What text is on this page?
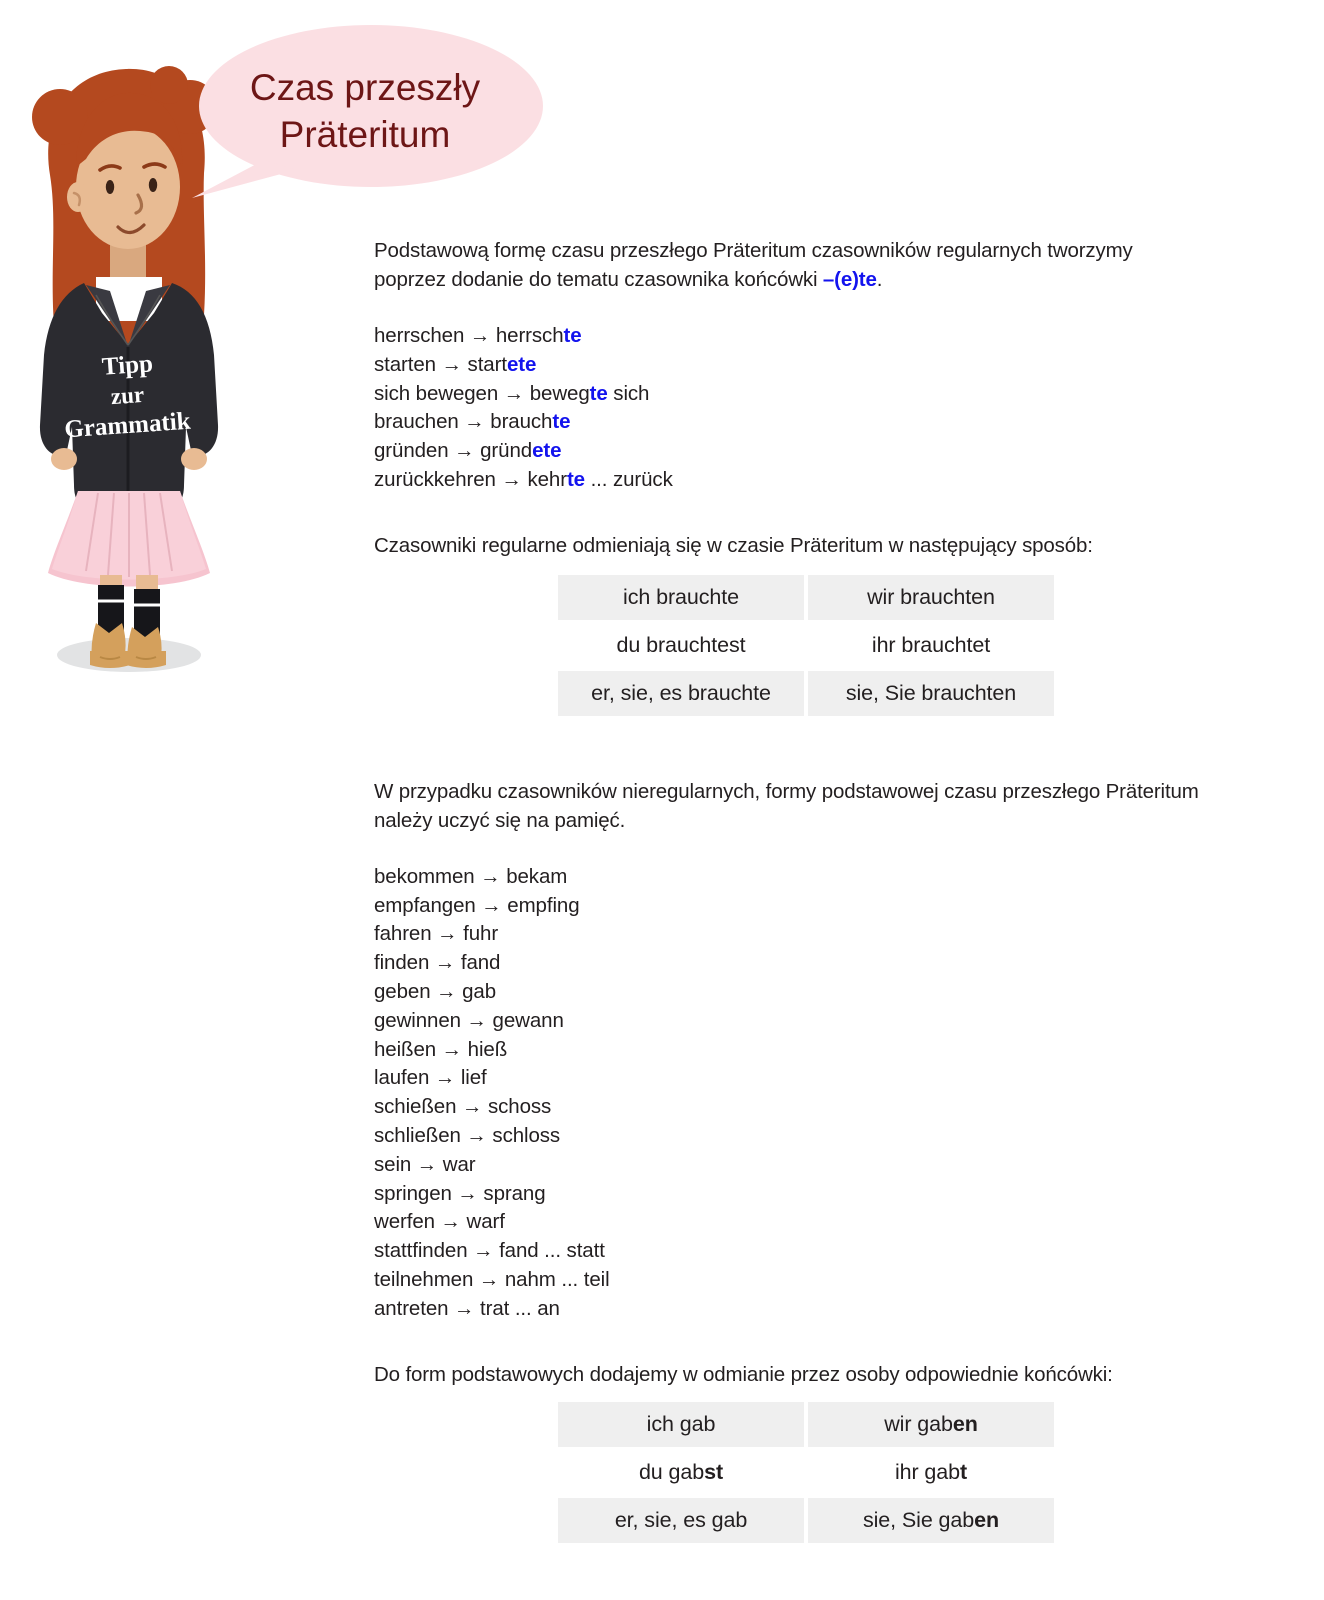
Tipp
zur
Grammatik
Czas przeszły
Präteritum

Podstawową formę czasu przeszłego Präteritum czasowników regularnych tworzymy poprzez dodanie do tematu czasownika końcówki –(e)te.

herrschen → herrschte
starten → startete
sich bewegen → bewegte sich
brauchen → brauchte
gründen → gründete
zurückkehren → kehrte ... zurück

Czasowniki regularne odmieniają się w czasie Präteritum w następujący sposób:

ich brauchte	wir brauchten
du brauchtest	ihr brauchtet
er, sie, es brauchte	sie, Sie brauchten

W przypadku czasowników nieregularnych, formy podstawowej czasu przeszłego Präteritum należy uczyć się na pamięć.

bekommen → bekam
empfangen → empfing
fahren → fuhr
finden → fand
geben → gab
gewinnen → gewann
heißen → hieß
laufen → lief
schießen → schoss
schließen → schloss
sein → war
springen → sprang
werfen → warf
stattfinden → fand ... statt
teilnehmen → nahm ... teil
antreten → trat ... an

Do form podstawowych dodajemy w odmianie przez osoby odpowiednie końcówki:

ich gab	wir gaben
du gabst	ihr gabt
er, sie, es gab	sie, Sie gaben
